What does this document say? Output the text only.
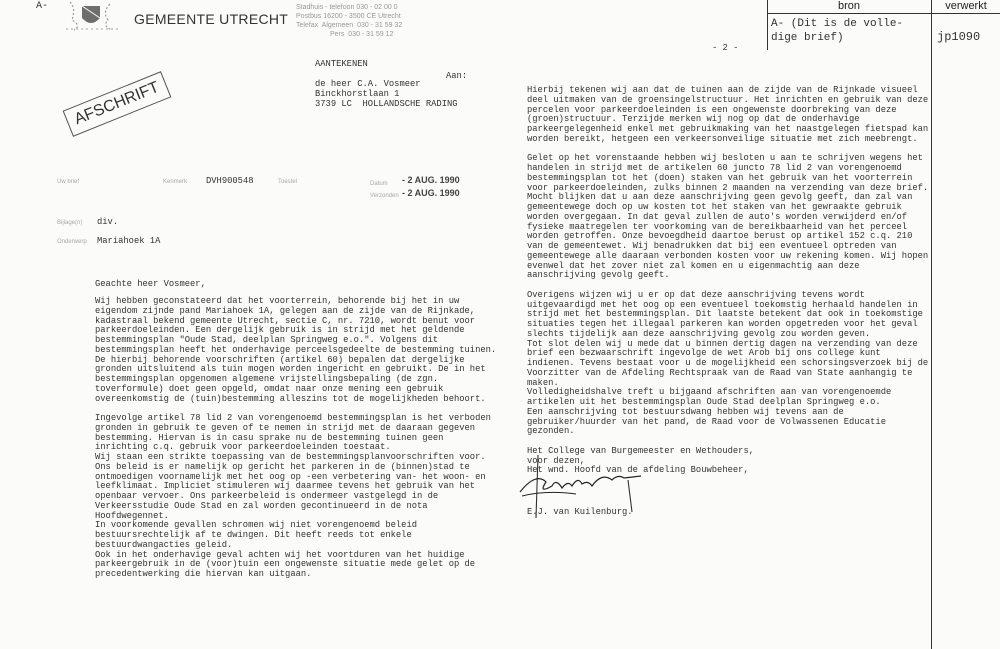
A-
GEMEENTE UTRECHT
Stadhuis - telefoon 030 - 02 00 0
Postbus 16200 - 3500 CE Utrecht
Telefax  Algemeen  030 - 31 59 32
Pers  030 - 31 59 12
AFSCHRIFT
AANTEKENEN
Aan:
de heer C.A. Vosmeer
Binckhorstlaan 1
3739 LC  HOLLANDSCHE RADING
Uw brief	Kenmerk DVH900548	Toestel	Datum - 2 AUG. 1990
Verzonden - 2 AUG. 1990
Bijlage(n) div.
Onderwerp Mariahoek 1A
Geachte heer Vosmeer,
Wij hebben geconstateerd dat het voorterrein, behorende bij het in uw
eigendom zijnde pand Mariahoek 1A, gelegen aan de zijde van de Rijnkade,
kadastraal bekend gemeente Utrecht, sectie C, nr. 7210, wordt benut voor
parkeerdoeleinden. Een dergelijk gebruik is in strijd met het geldende
bestemmingsplan "Oude Stad, deelplan Springweg e.o.". Volgens dit
bestemmingsplan heeft het onderhavige perceelsgedeelte de bestemming tuinen.
De hierbij behorende voorschriften (artikel 60) bepalen dat dergelijke
gronden uitsluitend als tuin mogen worden ingericht en gebruikt. De in het
bestemmingsplan opgenomen algemene vrijstellingsbepaling (de zgn.
toverformule) doet geen opgeld, omdat naar onze mening een gebruik
overeenkomstig de (tuin)bestemming alleszins tot de mogelijkheden behoort.
Ingevolge artikel 78 lid 2 van vorengenoemd bestemmingsplan is het verboden
gronden in gebruik te geven of te nemen in strijd met de daaraan gegeven
bestemming. Hiervan is in casu sprake nu de bestemming tuinen geen
inrichting c.q. gebruik voor parkeerdoeleinden toestaat.
Wij staan een strikte toepassing van de bestemmingsplanvoorschriften voor.
Ons beleid is er namelijk op gericht het parkeren in de (binnen)stad te
ontmoedigen voornamelijk met het oog op -een verbetering van- het woon- en
leefklimaat. Impliciet stimuleren wij daarmee tevens het gebruik van het
openbaar vervoer. Ons parkeerbeleid is ondermeer vastgelegd in de
Verkeersstudie Oude Stad en zal worden gecontinueerd in de nota
Hoofdwegennet.
In voorkomende gevallen schromen wij niet vorengenoemd beleid
bestuursrechtelijk af te dwingen. Dit heeft reeds tot enkele
bestuurdwangacties geleid.
Ook in het onderhavige geval achten wij het voortduren van het huidige
parkeergebruik in de (voor)tuin een ongewenste situatie mede gelet op de
precedentwerking die hiervan kan uitgaan.
- 2 -
Hierbij tekenen wij aan dat de tuinen aan de zijde van de Rijnkade visueel
deel uitmaken van de groensingelstructuur. Het inrichten en gebruik van deze
percelen voor parkeerdoeleinden is een ongewenste doorbreking van deze
(groen)structuur. Terzijde merken wij nog op dat de onderhavige
parkeergelegenheid enkel met gebruikmaking van het naastgelegen fietspad kan
worden bereikt, hetgeen een verkeersonveilige situatie met zich meebrengt.
Gelet op het vorenstaande hebben wij besloten u aan te schrijven wegens het
handelen in strijd met de artikelen 60 juncto 78 lid 2 van vorengenoemd
bestemmingsplan tot het (doen) staken van het gebruik van het voorterrein
voor parkeerdoeleinden, zulks binnen 2 maanden na verzending van deze brief.
Mocht blijken dat u aan deze aanschrijving geen gevolg geeft, dan zal van
gemeentewege doch op uw kosten tot het staken van het gewraakte gebruik
worden overgegaan. In dat geval zullen de auto's worden verwijderd en/of
fysieke maatregelen ter voorkoming van de bereikbaarheid van het perceel
worden getroffen. Onze bevoegdheid daartoe berust op artikel 152 c.q. 210
van de gemeentewet. Wij benadrukken dat bij een eventueel optreden van
gemeentewege alle daaraan verbonden kosten voor uw rekening komen. Wij hopen
evenwel dat het zover niet zal komen en u eigenmachtig aan deze
aanschrijving gevolg geeft.
Overigens wijzen wij u er op dat deze aanschrijving tevens wordt
uitgevaardigd met het oog op een eventueel toekomstig herhaald handelen in
strijd met het bestemmingsplan. Dit laatste betekent dat ook in toekomstige
situaties tegen het illegaal parkeren kan worden opgetreden voor het geval
slechts tijdelijk aan deze aanschrijving gevolg zou worden geven.
Tot slot delen wij u mede dat u binnen dertig dagen na verzending van deze
brief een bezwaarschrift ingevolge de wet Arob bij ons college kunt
indienen. Tevens bestaat voor u de mogelijkheid een schorsingsverzoek bij de
Voorzitter van de Afdeling Rechtspraak van de Raad van State aanhangig te
maken.
Volledigheidshalve treft u bijgaand afschriften aan van vorengenoemde
artikelen uit het bestemmingsplan Oude Stad deelplan Springweg e.o.
Een aanschrijving tot bestuursdwang hebben wij tevens aan de
gebruiker/huurder van het pand, de Raad voor de Volwassenen Educatie
gezonden.
Het College van Burgemeester en Wethouders,
voor dezen,
Het wnd. Hoofd van de afdeling Bouwbeheer,
E.J. van Kuilenburg.
bron	verwerkt
A- (Dit is de volle-
dige brief)	jp1090
